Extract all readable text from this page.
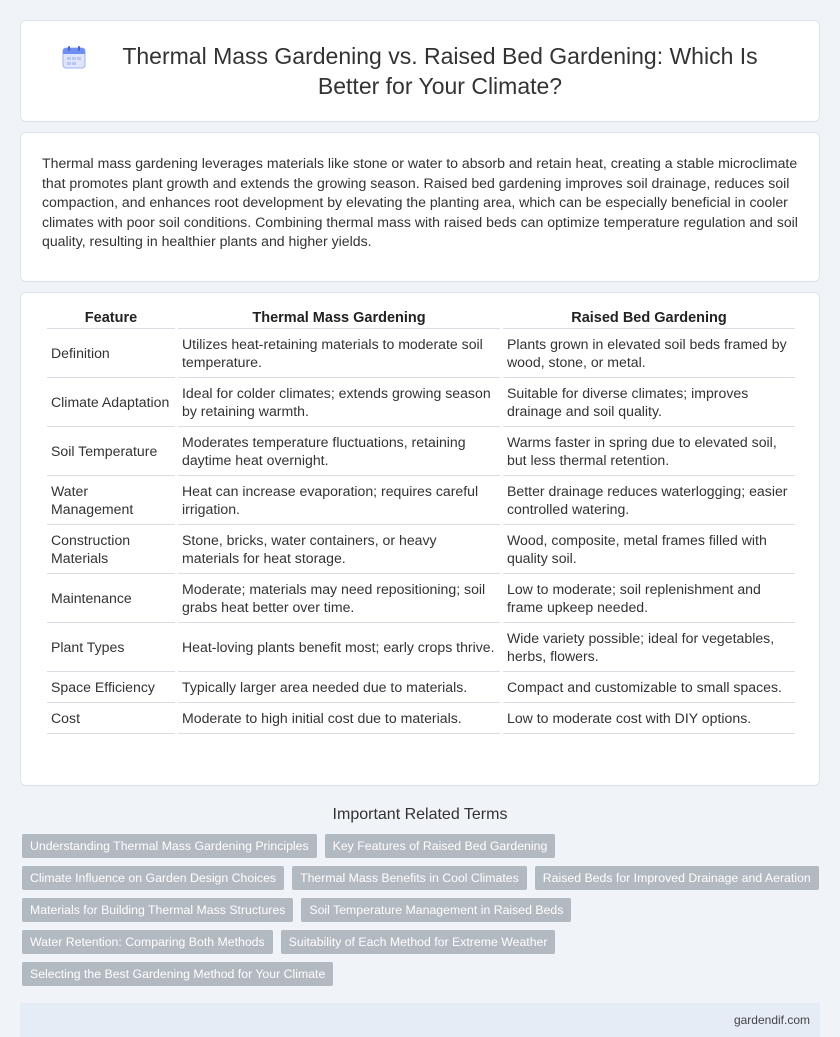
Thermal Mass Gardening vs. Raised Bed Gardening: Which Is Better for Your Climate?

Thermal mass gardening leverages materials like stone or water to absorb and retain heat, creating a stable microclimate that promotes plant growth and extends the growing season. Raised bed gardening improves soil drainage, reduces soil compaction, and enhances root development by elevating the planting area, which can be especially beneficial in cooler climates with poor soil conditions. Combining thermal mass with raised beds can optimize temperature regulation and soil quality, resulting in healthier plants and higher yields.

Feature	Thermal Mass Gardening	Raised Bed Gardening
Definition	Utilizes heat-retaining materials to moderate soil temperature.	Plants grown in elevated soil beds framed by wood, stone, or metal.
Climate Adaptation	Ideal for colder climates; extends growing season by retaining warmth.	Suitable for diverse climates; improves drainage and soil quality.
Soil Temperature	Moderates temperature fluctuations, retaining daytime heat overnight.	Warms faster in spring due to elevated soil, but less thermal retention.
Water Management	Heat can increase evaporation; requires careful irrigation.	Better drainage reduces waterlogging; easier controlled watering.
Construction Materials	Stone, bricks, water containers, or heavy materials for heat storage.	Wood, composite, metal frames filled with quality soil.
Maintenance	Moderate; materials may need repositioning; soil grabs heat better over time.	Low to moderate; soil replenishment and frame upkeep needed.
Plant Types	Heat-loving plants benefit most; early crops thrive.	Wide variety possible; ideal for vegetables, herbs, flowers.
Space Efficiency	Typically larger area needed due to materials.	Compact and customizable to small spaces.
Cost	Moderate to high initial cost due to materials.	Low to moderate cost with DIY options.
Important Related Terms
Understanding Thermal Mass Gardening Principles	Key Features of Raised Bed Gardening
Climate Influence on Garden Design Choices	Thermal Mass Benefits in Cool Climates	Raised Beds for Improved Drainage and Aeration
Materials for Building Thermal Mass Structures	Soil Temperature Management in Raised Beds
Water Retention: Comparing Both Methods	Suitability of Each Method for Extreme Weather
Selecting the Best Gardening Method for Your Climate
gardendif.com
